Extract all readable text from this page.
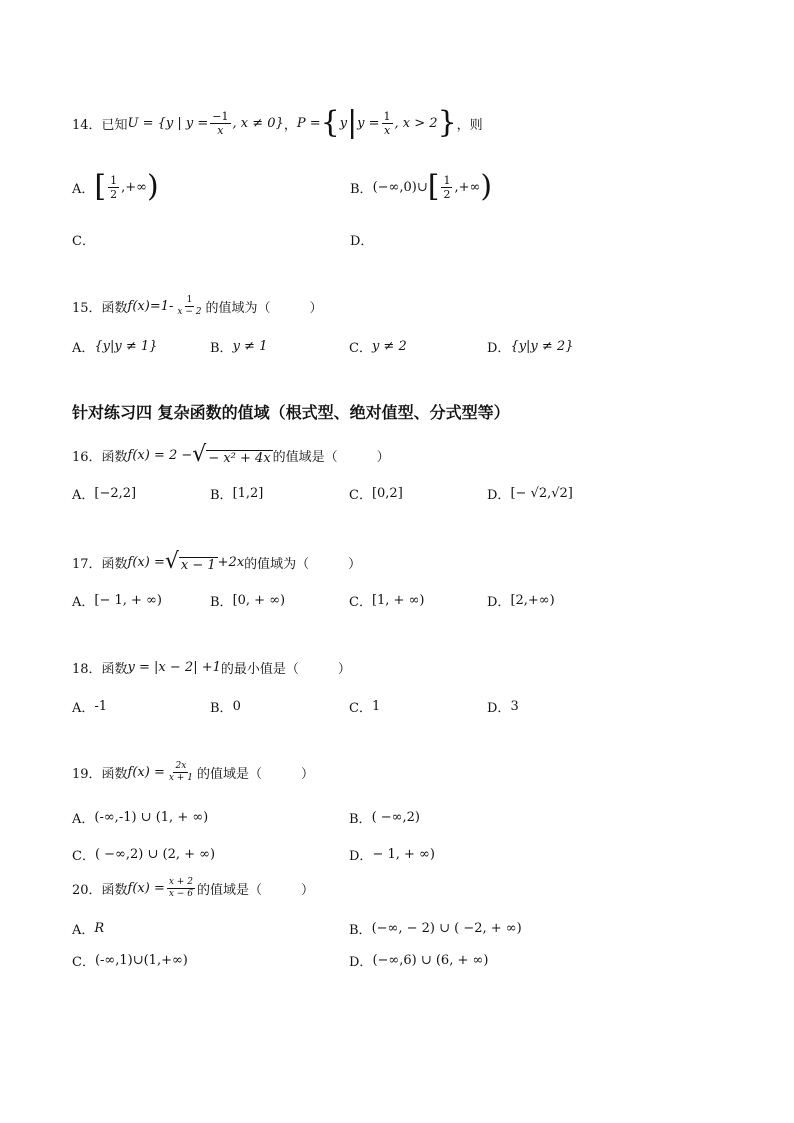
14．已知 U = {y | $y = \frac{-1}{x}$ , x ≠ 0} ， P = { y | $y = \frac{1}{x}$ , x > 2 } ，则
A． [ $\frac{1}{2}$ ,+∞ )	B． (−∞,0)∪ [ $\frac{1}{2}$ ,+∞ )
C．	D．
15．函数 $f(x)=1- \frac{1}{x - 2}$ 的值域为（　　　）
A． {y|y ≠ 1}	B． y ≠ 1	C． y ≠ 2	D． {y|y ≠ 2}
针对练习四 复杂函数的值域（根式型、绝对值型、分式型等）
16．函数 f(x) = 2 − √ − x² + 4x 的值域是（　　　）
A． [−2,2]	B． [1,2]	C． [0,2]	D． [− √2,√2]
17．函数 f(x) = √ x − 1 +2x 的值域为（　　　）
A． [− 1, + ∞)	B． [0, + ∞)	C． [1, + ∞)	D． [2,+∞)
18．函数 y = |x − 2| +1 的最小值是（　　　）
A． -1	B． 0	C． 1	D． 3
19．函数 $f(x) = \frac{2x}{x + 1}$ 的值域是（　　　）
A． (-∞,-1) ∪ (1, + ∞)	B． ( −∞,2)
C． ( −∞,2) ∪ (2, + ∞)	D． − 1, + ∞)
20．函数 $f(x) = \frac{x + 2}{x - 6}$ 的值域是（　　　）
A． R	B． (−∞, − 2) ∪ ( −2, + ∞)
C． (-∞,1)∪(1,+∞)	D． (−∞,6) ∪ (6, + ∞)
